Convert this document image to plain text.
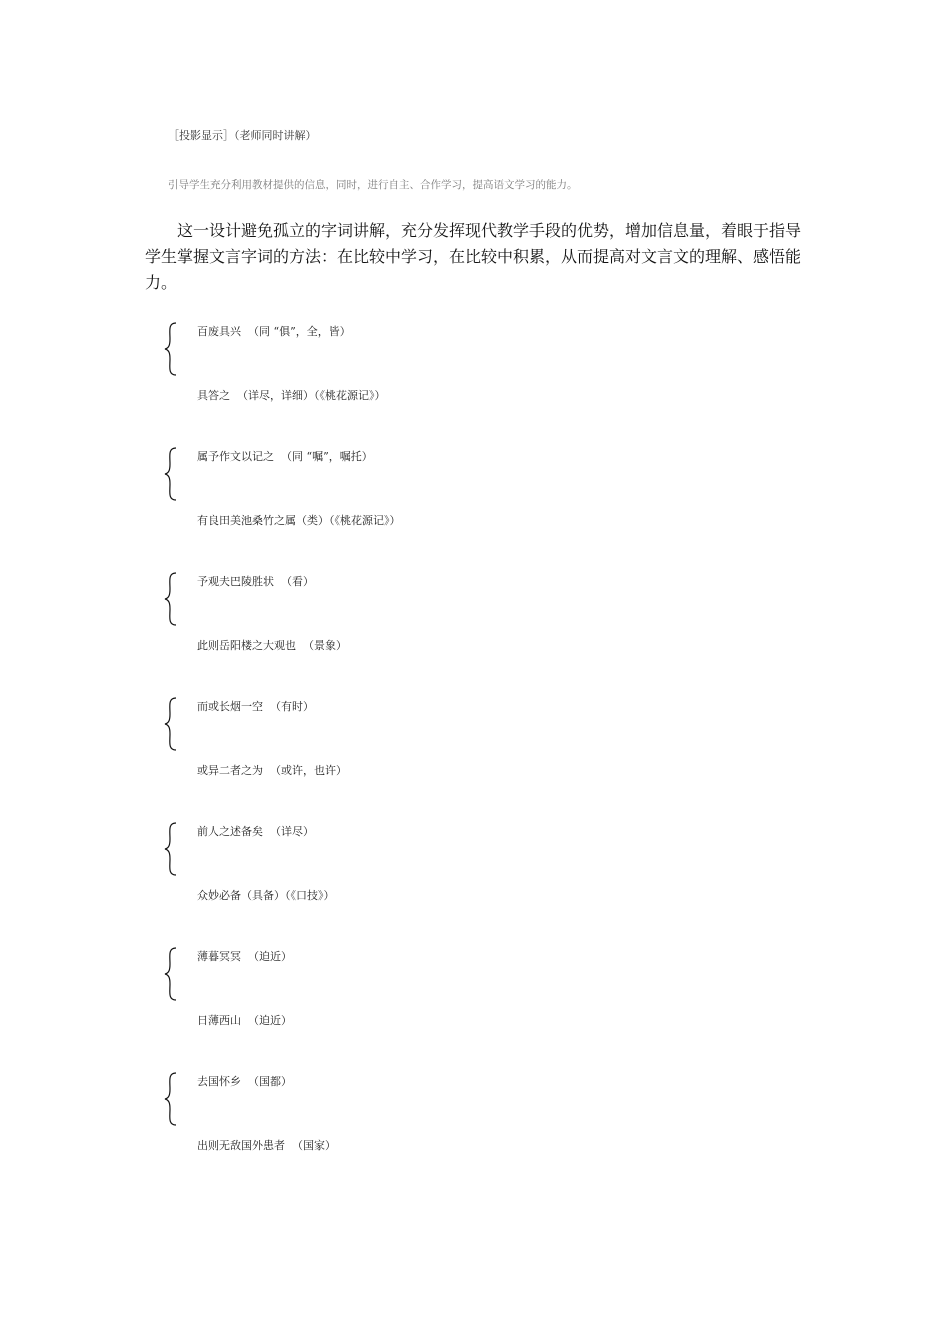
［投影显示］（老师同时讲解）
引导学生充分利用教材提供的信息，同时，进行自主、合作学习，提高语文学习的能力。
这一设计避免孤立的字词讲解，充分发挥现代教学手段的优势，增加信息量，着眼于指导学生掌握文言字词的方法：在比较中学习，在比较中积累，从而提高对文言文的理解、感悟能力。
百废具兴  （同 “俱”，全，皆）
具答之  （详尽，详细）（《桃花源记》）
属予作文以记之  （同 “嘱”，嘱托）
有良田美池桑竹之属（类）（《桃花源记》）
予观夫巴陵胜状  （看）
此则岳阳楼之大观也  （景象）
而或长烟一空  （有时）
或异二者之为  （或许，也许）
前人之述备矣  （详尽）
众妙必备（具备）（《口技》）
薄暮冥冥  （迫近）
日薄西山  （迫近）
去国怀乡  （国都）
出则无敌国外患者  （国家）
